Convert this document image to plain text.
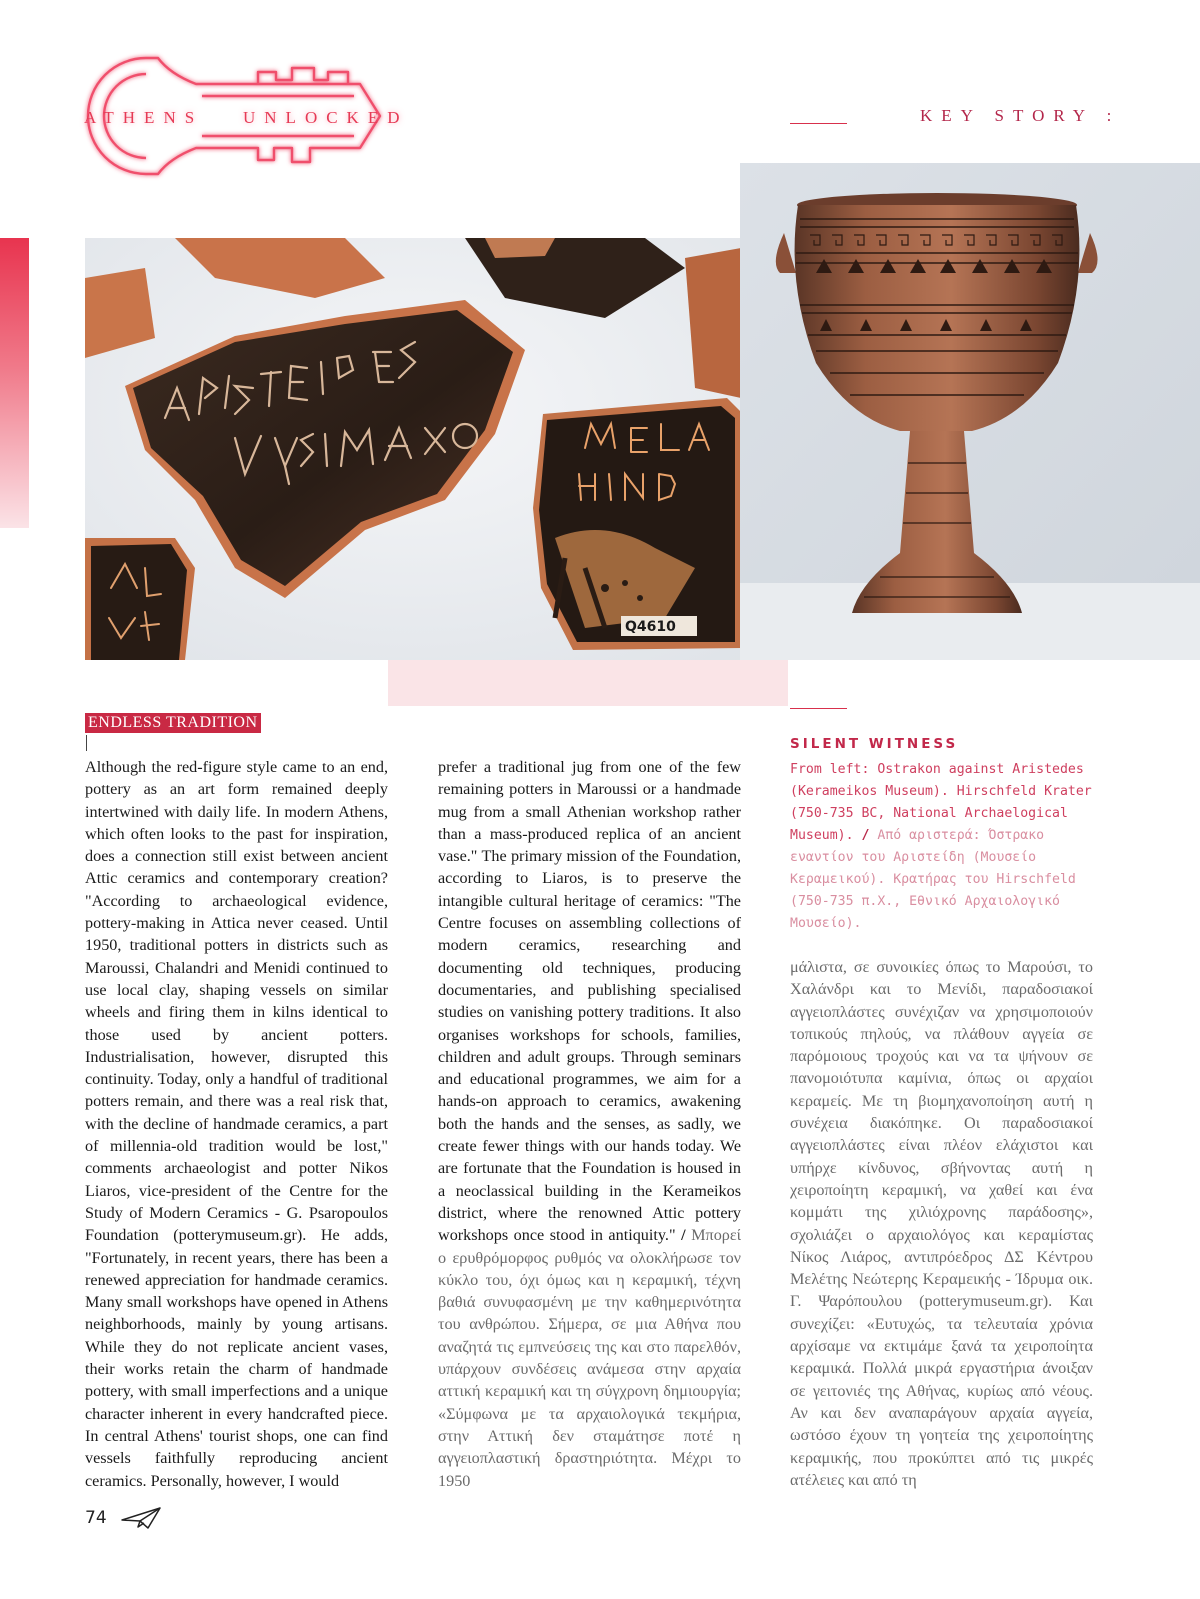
ATHENS UNLOCKED	KEY STORY :
Q4610
ENDLESS TRADITION
Although the red-figure style came to an end, pottery as an art form remained deeply intertwined with daily life. In modern Athens, which often looks to the past for inspiration, does a connection still exist between ancient Attic ceramics and contemporary creation? "According to archaeological evidence, pottery-making in Attica never ceased. Until 1950, traditional potters in districts such as Maroussi, Chalandri and Menidi continued to use local clay, shaping vessels on similar wheels and firing them in kilns identical to those used by ancient potters. Industrialisation, however, disrupted this continuity. Today, only a handful of traditional potters remain, and there was a real risk that, with the decline of handmade ceramics, a part of millennia-old tradition would be lost," comments archaeologist and potter Nikos Liaros, vice-president of the Centre for the Study of Modern Ceramics - G. Psaropoulos Foundation (potterymuseum.gr). He adds, "Fortunately, in recent years, there has been a renewed appreciation for handmade ceramics. Many small workshops have opened in Athens neighborhoods, mainly by young artisans. While they do not replicate ancient vases, their works retain the charm of handmade pottery, with small imperfections and a unique character inherent in every handcrafted piece. In central Athens' tourist shops, one can find vessels faithfully reproducing ancient ceramics. Personally, however, I would
prefer a traditional jug from one of the few remaining potters in Maroussi or a handmade mug from a small Athenian workshop rather than a mass-produced replica of an ancient vase." The primary mission of the Foundation, according to Liaros, is to preserve the intangible cultural heritage of ceramics: "The Centre focuses on assembling collections of modern ceramics, researching and documenting old techniques, producing documentaries, and publishing specialised studies on vanishing pottery traditions. It also organises workshops for schools, families, children and adult groups. Through seminars and educational programmes, we aim for a hands-on approach to ceramics, awakening both the hands and the senses, as sadly, we create fewer things with our hands today. We are fortunate that the Foundation is housed in a neoclassical building in the Kerameikos district, where the renowned Attic pottery workshops once stood in antiquity." / Μπορεί ο ερυθρόμορφος ρυθμός να ολοκλήρωσε τον κύκλο του, όχι όμως και η κεραμική, τέχνη βαθιά συνυφασμένη με την καθημερινότητα του ανθρώπου. Σήμερα, σε μια Αθήνα που αναζητά τις εμπνεύσεις της και στο παρελθόν, υπάρχουν συνδέσεις ανάμεσα στην αρχαία αττική κεραμική και τη σύγχρονη δημιουργία; «Σύμφωνα με τα αρχαιολογικά τεκμήρια, στην Αττική δεν σταμάτησε ποτέ η αγγειοπλαστική δραστηριότητα. Μέχρι το 1950
SILENT WITNESS
From left: Ostrakon against Aristedes (Kerameikos Museum). Hirschfeld Krater (750-735 BC, National Archaelogical Museum). / Από αριστερά: Όστρακο εναντίον του Αριστείδη (Μουσείο Κεραμεικού). Κρατήρας του Hirschfeld (750-735 π.Χ., Εθνικό Αρχαιολογικό Μουσείο).
μάλιστα, σε συνοικίες όπως το Μαρούσι, το Χαλάνδρι και το Μενίδι, παραδοσιακοί αγγειοπλάστες συνέχιζαν να χρησιμοποιούν τοπικούς πηλούς, να πλάθουν αγγεία σε παρόμοιους τροχούς και να τα ψήνουν σε πανομοιότυπα καμίνια, όπως οι αρχαίοι κεραμείς. Με τη βιομηχανοποίηση αυτή η συνέχεια διακόπηκε. Οι παραδοσιακοί αγγειοπλάστες είναι πλέον ελάχιστοι και υπήρχε κίνδυνος, σβήνοντας αυτή η χειροποίητη κεραμική, να χαθεί και ένα κομμάτι της χιλιόχρονης παράδοσης», σχολιάζει ο αρχαιολόγος και κεραμίστας Νίκος Λιάρος, αντιπρόεδρος ΔΣ Κέντρου Μελέτης Νεώτερης Κεραμεικής - Ίδρυμα οικ. Γ. Ψαρόπουλου (potterymuseum.gr). Και συνεχίζει: «Ευτυχώς, τα τελευταία χρόνια αρχίσαμε να εκτιμάμε ξανά τα χειροποίητα κεραμικά. Πολλά μικρά εργαστήρια άνοιξαν σε γειτονιές της Αθήνας, κυρίως από νέους. Αν και δεν αναπαράγουν αρχαία αγγεία, ωστόσο έχουν τη γοητεία της χειροποίητης κεραμικής, που προκύπτει από τις μικρές ατέλειες και από τη
74
